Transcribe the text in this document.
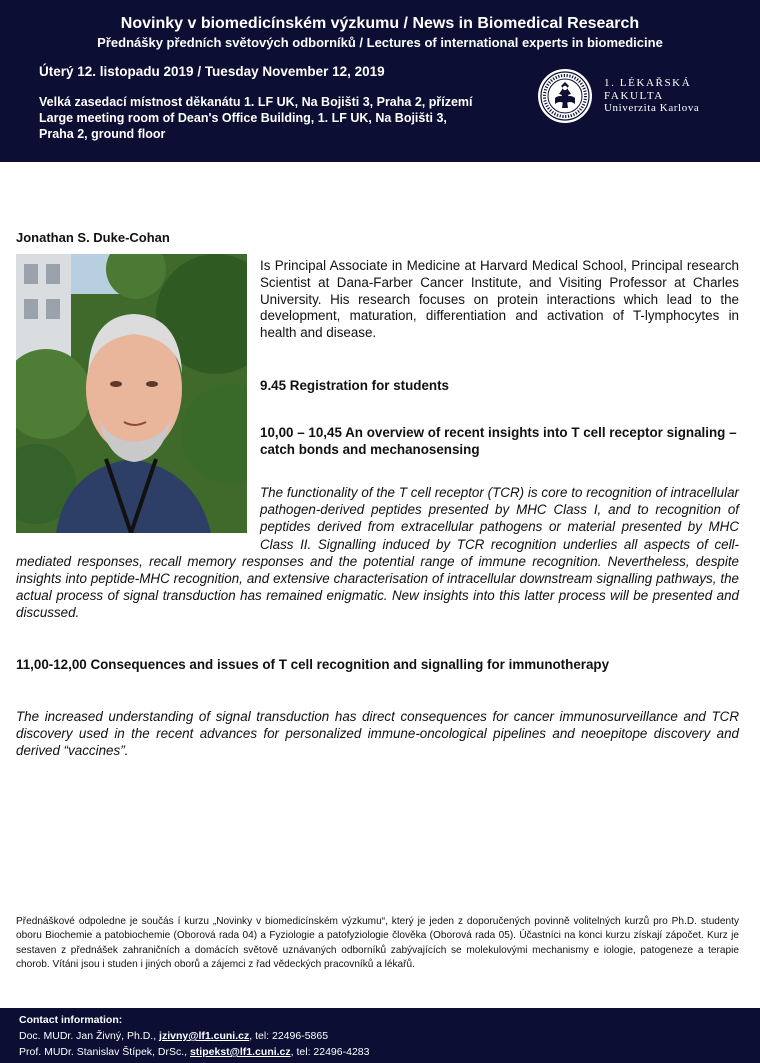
Novinky v biomedicínském výzkumu / News in Biomedical Research
Přednášky předních světových odborníků / Lectures of international experts in biomedicine
Úterý 12. listopadu 2019 / Tuesday November 12, 2019
Velká zasedací místnost děkanátu 1. LF UK, Na Bojišti 3, Praha 2, přízemí
Large meeting room of Dean's Office Building, 1. LF UK, Na Bojišti 3,
Praha 2, ground floor
1. LÉKAŘSKÁ
FAKULTA
Univerzita Karlova
Jonathan S. Duke-Cohan

Is Principal Associate in Medicine at Harvard Medical School, Principal research Scientist at Dana-Farber Cancer Institute, and Visiting Professor at Charles University. His research focuses on protein interactions which lead to the development, maturation, differentiation and activation of T-lymphocytes in health and disease.

9.45 Registration for students

10,00 – 10,45 An overview of recent insights into T cell receptor signaling – catch bonds and mechanosensing

The functionality of the T cell receptor (TCR) is core to recognition of intracellular pathogen-derived peptides presented by MHC Class I, and to recognition of peptides derived from extracellular pathogens or material presented by MHC Class II. Signalling induced by TCR recognition underlies all aspects of cell-mediated responses, recall memory responses and the potential range of immune recognition. Nevertheless, despite insights into peptide-MHC recognition, and extensive characterisation of intracellular downstream signalling pathways, the actual process of signal transduction has remained enigmatic. New insights into this latter process will be presented and discussed.

11,00-12,00 Consequences and issues of T cell recognition and signalling for immunotherapy

The increased understanding of signal transduction has direct consequences for cancer immunosurveillance and TCR discovery used in the recent advances for personalized immune-oncological pipelines and neoepitope discovery and derived “vaccines”.

Přednáškové odpoledne je součás í kurzu „Novinky v biomedicínském výzkumu“, který je jeden z doporučených povinně volitelných kurzů pro Ph.D. studenty oboru Biochemie a patobiochemie (Oborová rada 04) a Fyziologie a patofyziologie člověka (Oborová rada 05). Účastníci na konci kurzu získají zápočet. Kurz je sestaven z přednášek zahraničních a domácích světově uznávaných odborníků zabývajících se molekulovými mechanismy e iologie, patogeneze a terapie chorob. Vítáni jsou i studen i jiných oborů a zájemci z řad vědeckých pracovníků a lékařů.

Contact information:
Doc. MUDr. Jan Živný, Ph.D., jzivny@lf1.cuni.cz, tel: 22496-5865
Prof. MUDr. Stanislav Štípek, DrSc., stipekst@lf1.cuni.cz, tel: 22496-4283
